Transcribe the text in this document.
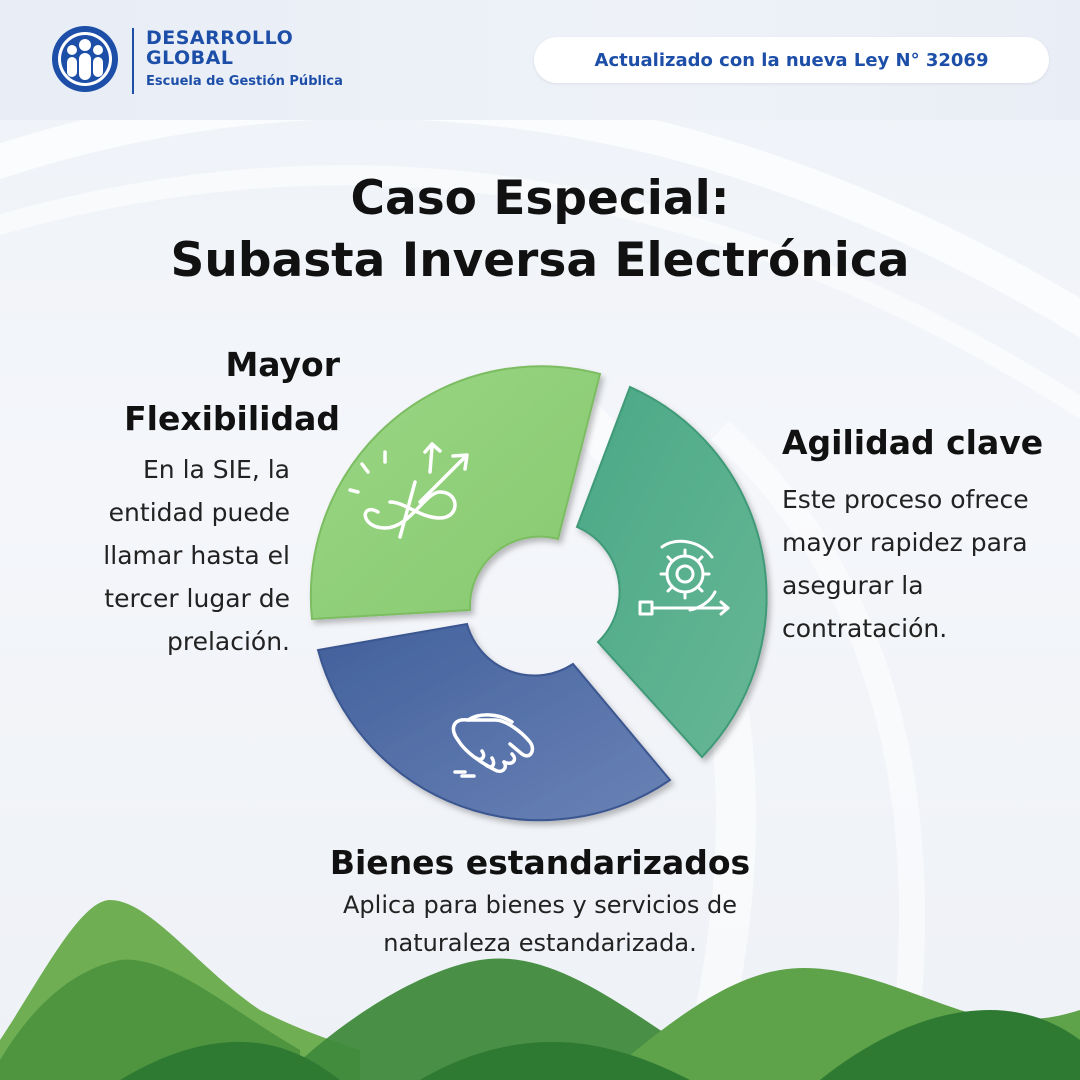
DESARROLLO
GLOBAL
Escuela de Gestión Pública
Actualizado con la nueva Ley N° 32069
Caso Especial:
Subasta Inversa Electrónica
Mayor
Flexibilidad
En la SIE, la
entidad puede
llamar hasta el
tercer lugar de
prelación.
Agilidad clave
Este proceso ofrece
mayor rapidez para
asegurar la
contratación.
Bienes estandarizados
Aplica para bienes y servicios de
naturaleza estandarizada.
